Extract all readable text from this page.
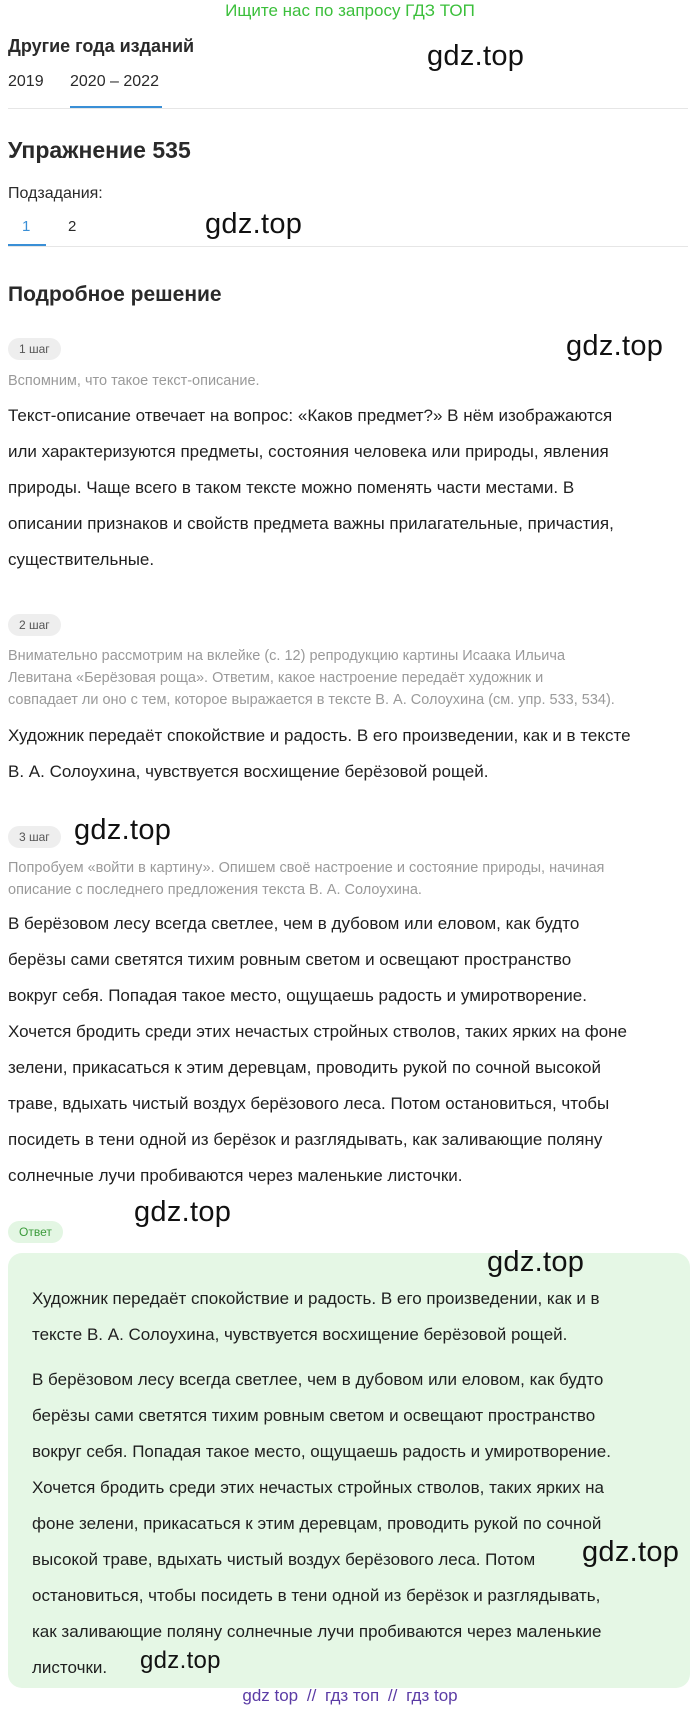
Ищите нас по запросу ГДЗ ТОП
Другие года изданий
2019 2020 – 2022
Упражнение 535
Подзадания:
1	2
Подробное решение
1 шаг
Вспомним, что такое текст-описание.
Текст-описание отвечает на вопрос: «Каков предмет?» В нём изображаются
или характеризуются предметы, состояния человека или природы, явления
природы. Чаще всего в таком тексте можно поменять части местами. В
описании признаков и свойств предмета важны прилагательные, причастия,
существительные.
2 шаг
Внимательно рассмотрим на вклейке (с. 12) репродукцию картины Исаака Ильича
Левитана «Берёзовая роща». Ответим, какое настроение передаёт художник и
совпадает ли оно с тем, которое выражается в тексте В. А. Солоухина (см. упр. 533, 534).
Художник передаёт спокойствие и радость. В его произведении, как и в тексте
В. А. Солоухина, чувствуется восхищение берёзовой рощей.
3 шаг
Попробуем «войти в картину». Опишем своё настроение и состояние природы, начиная
описание с последнего предложения текста В. А. Солоухина.
В берёзовом лесу всегда светлее, чем в дубовом или еловом, как будто
берёзы сами светятся тихим ровным светом и освещают пространство
вокруг себя. Попадая такое место, ощущаешь радость и умиротворение.
Хочется бродить среди этих нечастых стройных стволов, таких ярких на фоне
зелени, прикасаться к этим деревцам, проводить рукой по сочной высокой
траве, вдыхать чистый воздух берёзового леса. Потом остановиться, чтобы
посидеть в тени одной из берёзок и разглядывать, как заливающие поляну
солнечные лучи пробиваются через маленькие листочки.
Ответ
Художник передаёт спокойствие и радость. В его произведении, как и в
тексте В. А. Солоухина, чувствуется восхищение берёзовой рощей.
В берёзовом лесу всегда светлее, чем в дубовом или еловом, как будто
берёзы сами светятся тихим ровным светом и освещают пространство
вокруг себя. Попадая такое место, ощущаешь радость и умиротворение.
Хочется бродить среди этих нечастых стройных стволов, таких ярких на
фоне зелени, прикасаться к этим деревцам, проводить рукой по сочной
высокой траве, вдыхать чистый воздух берёзового леса. Потом
остановиться, чтобы посидеть в тени одной из берёзок и разглядывать,
как заливающие поляну солнечные лучи пробиваются через маленькие
листочки.
gdz.top
gdz.top
gdz.top
gdz.top
gdz.top
gdz.top
gdz.top
gdz.top
gdz top // гдз топ // гдз top
